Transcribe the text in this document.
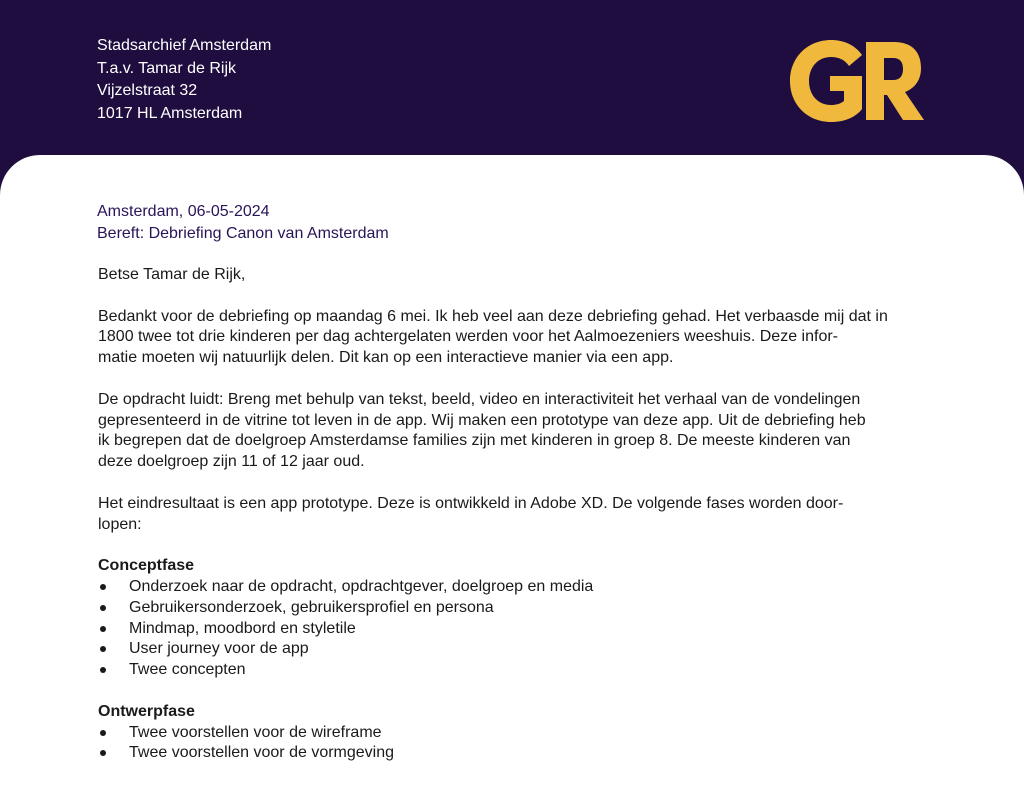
Stadsarchief Amsterdam
T.a.v. Tamar de Rijk
Vijzelstraat 32
1017 HL Amsterdam
Amsterdam, 06-05-2024
Bereft: Debriefing Canon van Amsterdam

Betse Tamar de Rijk,

Bedankt voor de debriefing op maandag 6 mei. Ik heb veel aan deze debriefing gehad. Het verbaasde mij dat in
1800 twee tot drie kinderen per dag achtergelaten werden voor het Aalmoezeniers weeshuis. Deze infor-
matie moeten wij natuurlijk delen. Dit kan op een interactieve manier via een app.

De opdracht luidt: Breng met behulp van tekst, beeld, video en interactiviteit het verhaal van de vondelingen
gepresenteerd in de vitrine tot leven in de app. Wij maken een prototype van deze app. Uit de debriefing heb
ik begrepen dat de doelgroep Amsterdamse families zijn met kinderen in groep 8. De meeste kinderen van
deze doelgroep zijn 11 of 12 jaar oud.

Het eindresultaat is een app prototype. Deze is ontwikkeld in Adobe XD. De volgende fases worden door-
lopen:

Conceptfase
Onderzoek naar de opdracht, opdrachtgever, doelgroep en media
Gebruikersonderzoek, gebruikersprofiel en persona
Mindmap, moodbord en styletile
User journey voor de app
Twee concepten
Ontwerpfase
Twee voorstellen voor de wireframe
Twee voorstellen voor de vormgeving
